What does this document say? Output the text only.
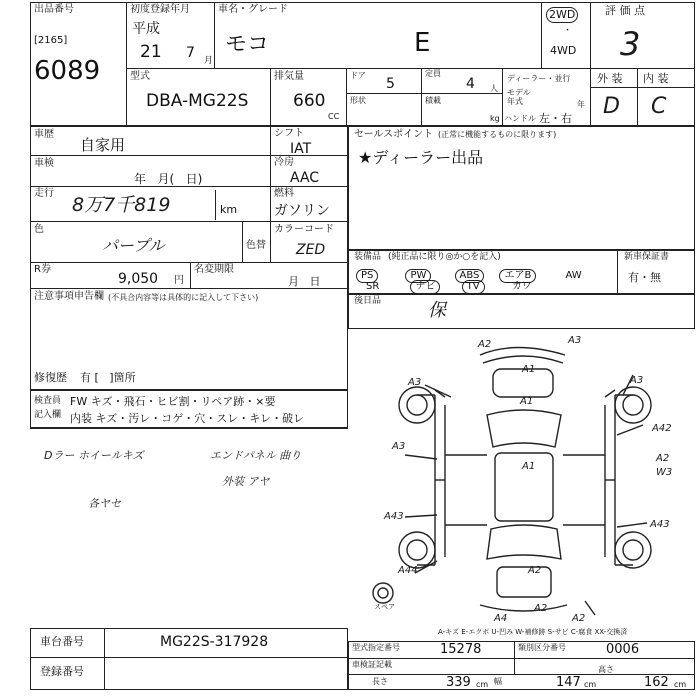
出品番号
[2165]
6089
初度登録年月
平成
21 7 月
車名・グレード
モコ	E
2WD
・
4WD
評 価 点
3
外 装 内 装
D C
型式
DBA-MG22S
排気量
660
CC
ドア
5
定員
4 人
形状	積載
kg
ディーラー・並行
モデル 年式	年
ハンドル 左・右
車歴
自家用
シフト
IAT
車検
年   月(   日)
冷房
AAC
走行
8万7千819	km
燃料
ガソリン
色
パープル	色替
カラーコード
ZED
R券
9,050 円
名変期限
月   日
注意事項申告欄 (不具合内容等は具体的に記入して下さい)
修復歴 有 [   ]箇所
セールスポイント (正常に機能するものに限ります)
★ディーラー出品
装備品 (純正品に限り◎か○を記入)	新車保証書
有・無
PS	PW	ABS	エアB	AW
SR	ナビ	TV	カワ
後日品	保
検査員
記入欄
FW キズ・飛石・ヒビ割・リペア跡・×要
内装 キズ・汚レ・コゲ・穴・スレ・キレ・破レ
Dラー ホイールキズ	エンドパネル 曲り
外装 アヤ
各ヤセ
A2	A3
A1
A3	A3
A1
A42
A3
A2
W3
A1
A43
A43
A44	A2
A2
A4	A2
スペア
A-キズ E-エクボ U-凹み W-補修跡 S-サビ C-腐食 XX-交換済
車台番号	MG22S-317928
登録番号
型式指定番号	15278	類別区分番号	0006
車検証記載
長さ	339 cm 幅	147 cm
高さ
162 cm
